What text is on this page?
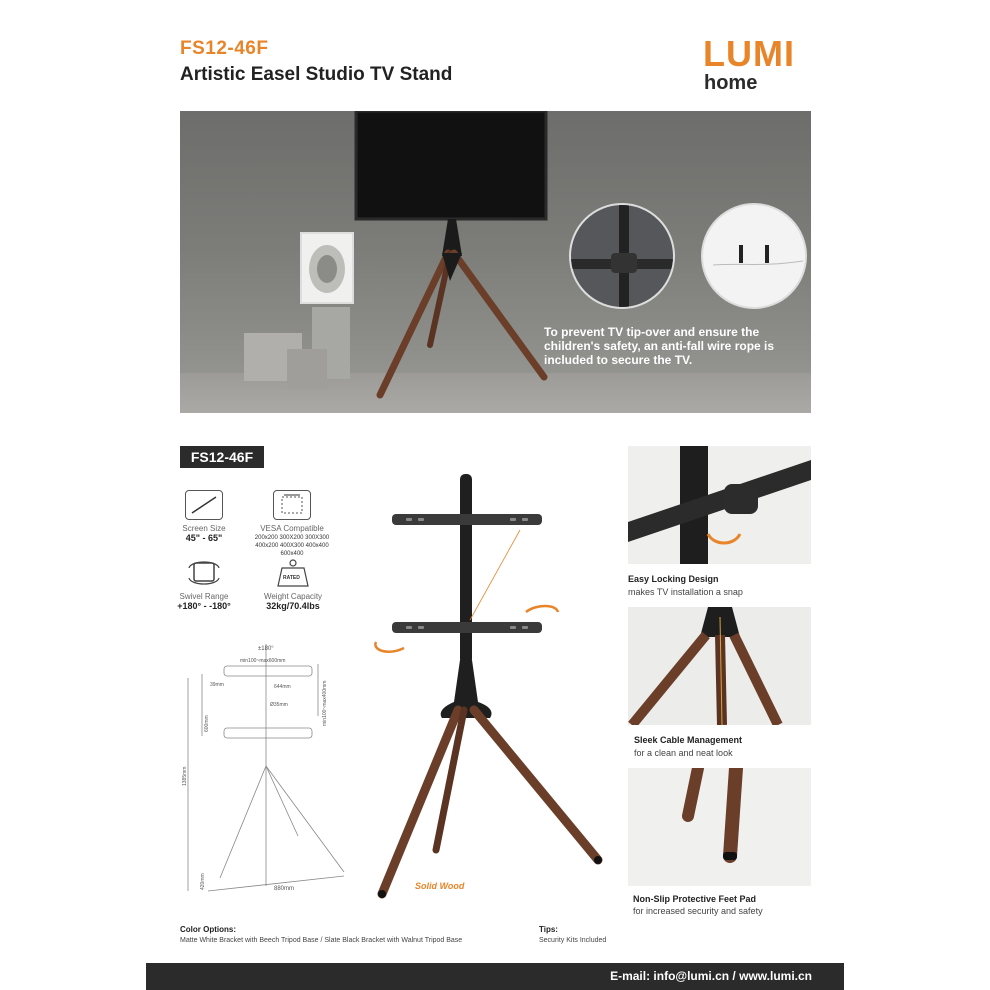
FS12-46F
Artistic Easel Studio TV Stand
LUMI
home
To prevent TV tip-over and ensure the children's safety, an anti-fall wire rope is included to secure the TV.
FS12-46F
Screen Size
45" - 65"
VESA Compatible
200x200 300X200 300X300 400x200 400X300 400x400 600x400
Swivel Range
+180° - -180°
RATED
Weight Capacity
32kg/70.4lbs
±180°
min100~max600mm
644mm
39mm
Ø35mm	min100~max400mm
600mm
1385mm
420mm	880mm	Solid Wood
Easy Locking Design
makes TV installation a snap
Sleek Cable Management
for a clean and neat look
Non-Slip Protective Feet Pad
for increased security and safety
Color Options:
Matte White Bracket with Beech Tripod Base / Slate Black Bracket with Walnut Tripod Base
Tips:
Security Kits Included
E-mail: info@lumi.cn / www.lumi.cn
